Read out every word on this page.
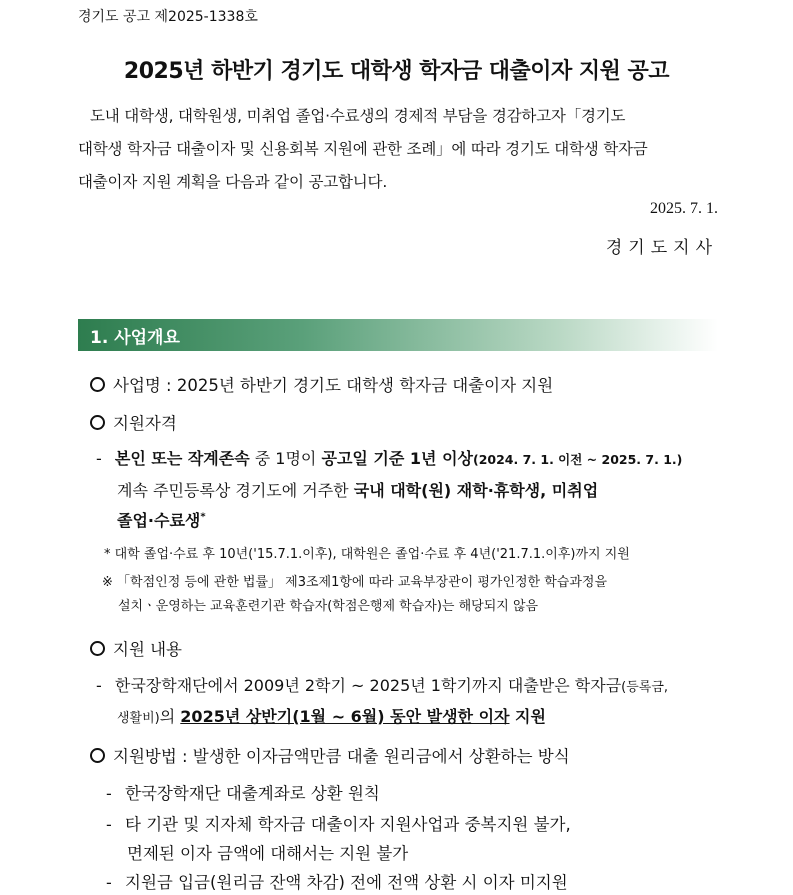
경기도 공고 제2025-1338호
2025년 하반기 경기도 대학생 학자금 대출이자 지원 공고
도내 대학생, 대학원생, 미취업 졸업·수료생의 경제적 부담을 경감하고자「경기도
대학생 학자금 대출이자 및 신용회복 지원에 관한 조례」에 따라 경기도 대학생 학자금
대출이자 지원 계획을 다음과 같이 공고합니다.
2025. 7. 1.
경기도지사
1. 사업개요
사업명 : 2025년 하반기 경기도 대학생 학자금 대출이자 지원
지원자격
- 본인 또는 작계존속 중 1명이 공고일 기준 1년 이상(2024. 7. 1. 이전 ~ 2025. 7. 1.)
계속 주민등록상 경기도에 거주한 국내 대학(원) 재학·휴학생, 미취업
졸업·수료생*
* 대학 졸업·수료 후 10년('15.7.1.이후), 대학원은 졸업·수료 후 4년('21.7.1.이후)까지 지원
※ 「학점인정 등에 관한 법률」 제3조제1항에 따라 교육부장관이 평가인정한 학습과정을
설치ㆍ운영하는 교육훈련기관 학습자(학점은행제 학습자)는 해당되지 않음
지원 내용
- 한국장학재단에서 2009년 2학기 ~ 2025년 1학기까지 대출받은 학자금(등록금,
생활비)의 2025년 상반기(1월 ~ 6월) 동안 발생한 이자 지원
지원방법 : 발생한 이자금액만큼 대출 원리금에서 상환하는 방식
- 한국장학재단 대출계좌로 상환 원칙
- 타 기관 및 지자체 학자금 대출이자 지원사업과 중복지원 불가,
면제된 이자 금액에 대해서는 지원 불가
- 지원금 입금(원리금 잔액 차감) 전에 전액 상환 시 이자 미지원
